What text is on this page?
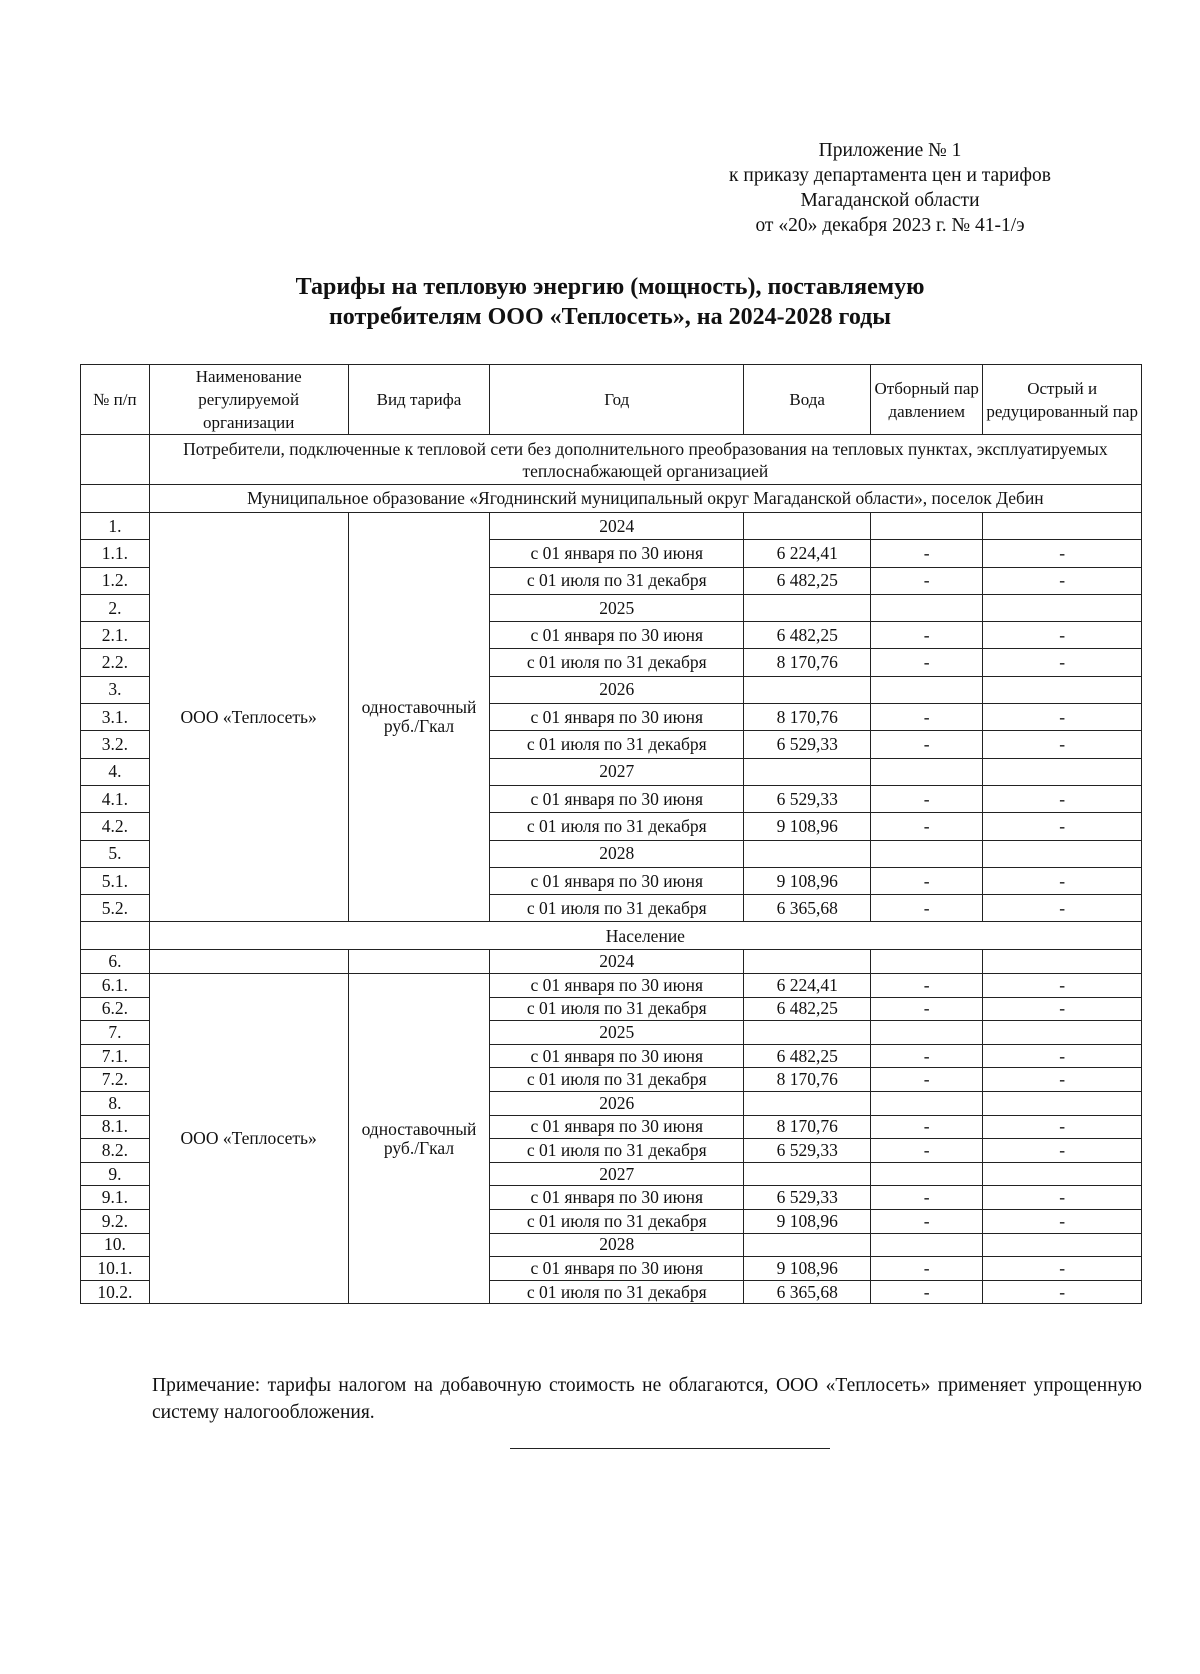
Приложение № 1
к приказу департамента цен и тарифов
Магаданской области
от «20» декабря 2023 г. № 41-1/э
Тарифы на тепловую энергию (мощность), поставляемую
потребителям ООО «Теплосеть», на 2024-2028 годы
№ п/п	Наименование регулируемой организации	Вид тарифа	Год	Вода	Отборный пар давлением	Острый и редуцированный пар
	Потребители, подключенные к тепловой сети без дополнительного преобразования на тепловых пунктах, эксплуатируемых теплоснабжающей организацией					
	Муниципальное образование «Ягоднинский муниципальный округ Магаданской области», поселок Дебин					
1.	ООО «Теплосеть»	одноставочный руб./Гкал	2024			
1.1.			с 01 января по 30 июня	6 224,41	-	-
1.2.			с 01 июля по 31 декабря	6 482,25	-	-
2.			2025			
2.1.			с 01 января по 30 июня	6 482,25	-	-
2.2.			с 01 июля по 31 декабря	8 170,76	-	-
3.			2026			
3.1.			с 01 января по 30 июня	8 170,76	-	-
3.2.			с 01 июля по 31 декабря	6 529,33	-	-
4.			2027			
4.1.			с 01 января по 30 июня	6 529,33	-	-
4.2.			с 01 июля по 31 декабря	9 108,96	-	-
5.			2028			
5.1.			с 01 января по 30 июня	9 108,96	-	-
5.2.			с 01 июля по 31 декабря	6 365,68	-	-
	Население					
6.			2024			
6.1.	ООО «Теплосеть»	одноставочный руб./Гкал	с 01 января по 30 июня	6 224,41	-	-
6.2.			с 01 июля по 31 декабря	6 482,25	-	-
7.			2025			
7.1.			с 01 января по 30 июня	6 482,25	-	-
7.2.			с 01 июля по 31 декабря	8 170,76	-	-
8.			2026			
8.1.			с 01 января по 30 июня	8 170,76	-	-
8.2.			с 01 июля по 31 декабря	6 529,33	-	-
9.			2027			
9.1.			с 01 января по 30 июня	6 529,33	-	-
9.2.			с 01 июля по 31 декабря	9 108,96	-	-
10.			2028			
10.1.			с 01 января по 30 июня	9 108,96	-	-
10.2.			с 01 июля по 31 декабря	6 365,68	-	-
Примечание: тарифы налогом на добавочную стоимость не облагаются, ООО «Теплосеть» применяет упрощенную систему налогообложения.
